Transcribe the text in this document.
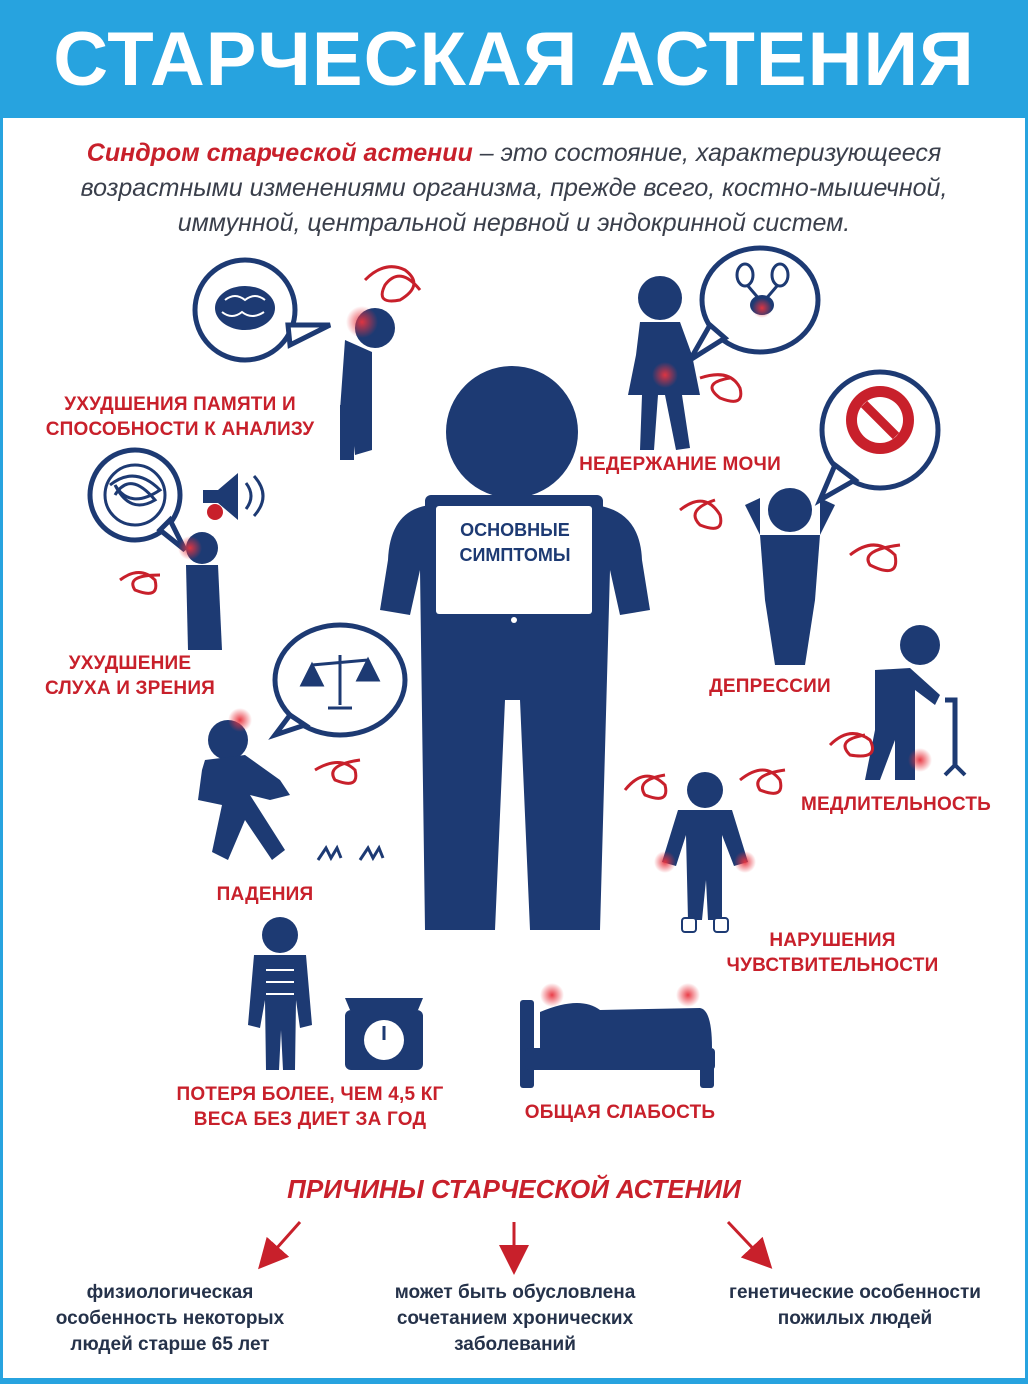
СТАРЧЕСКАЯ АСТЕНИЯ
Синдром старческой астении – это состояние, характеризующееся возрастными изменениями организма, прежде всего, костно-мышечной, иммунной, центральной нервной и эндокринной систем.
ОСНОВНЫЕ
СИМПТОМЫ
УХУДШЕНИЯ ПАМЯТИ И
СПОСОБНОСТИ К АНАЛИЗУ
НЕДЕРЖАНИЕ МОЧИ
УХУДШЕНИЕ
СЛУХА И ЗРЕНИЯ	ДЕПРЕССИИ
МЕДЛИТЕЛЬНОСТЬ
ПАДЕНИЯ
НАРУШЕНИЯ
ЧУВСТВИТЕЛЬНОСТИ
ПОТЕРЯ БОЛЕЕ, ЧЕМ 4,5 КГ
ВЕСА БЕЗ ДИЕТ ЗА ГОД	ОБЩАЯ СЛАБОСТЬ
ПРИЧИНЫ СТАРЧЕСКОЙ АСТЕНИИ
физиологическая
особенность некоторых
людей старше 65 лет
может быть обусловлена
сочетанием хронических
заболеваний
генетические особенности
пожилых людей
